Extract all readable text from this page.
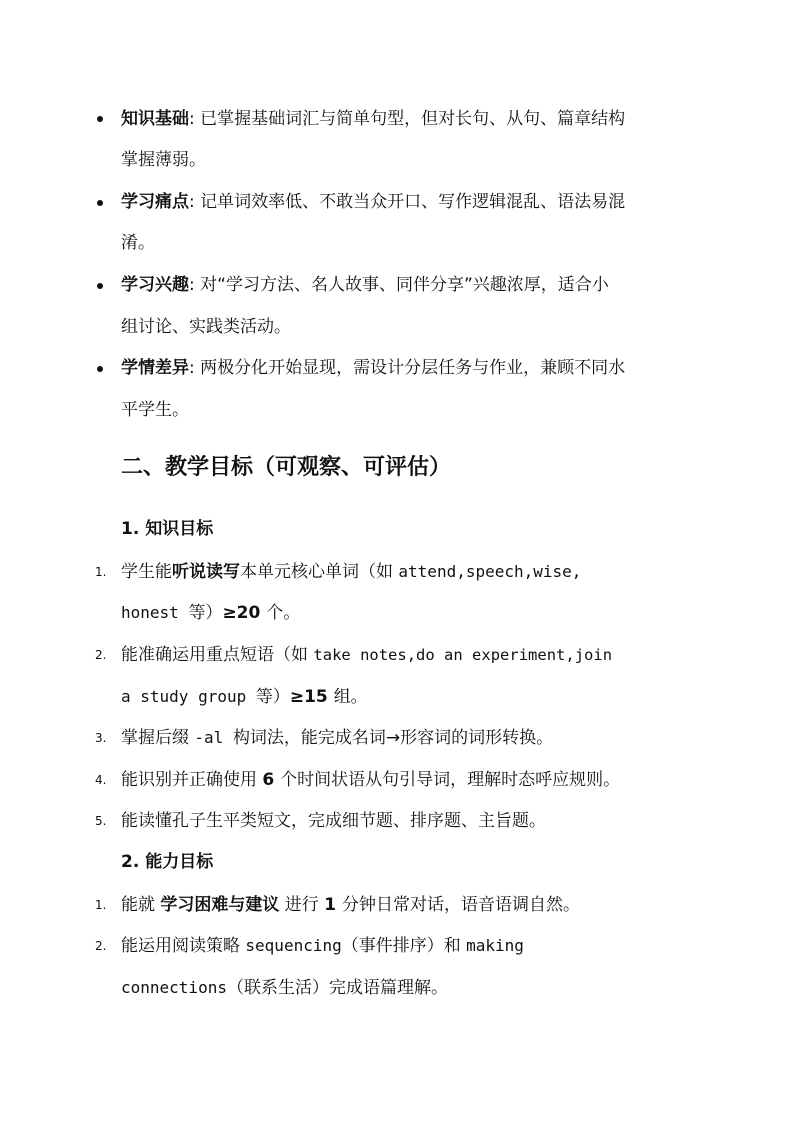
知识基础: 已掌握基础词汇与简单句型，但对长句、从句、篇章结构
掌握薄弱。
学习痛点: 记单词效率低、不敢当众开口、写作逻辑混乱、语法易混
淆。
学习兴趣: 对“学习方法、名人故事、同伴分享”兴趣浓厚，适合小
组讨论、实践类活动。
学情差异: 两极分化开始显现，需设计分层任务与作业，兼顾不同水
平学生。
二、教学目标（可观察、可评估）
1. 知识目标
1. 学生能听说读写本单元核心单词（如 attend,speech,wise,
honest 等）≥20 个。
2. 能准确运用重点短语（如 take notes,do an experiment,join
a study group 等）≥15 组。
3. 掌握后缀 -al 构词法，能完成名词→形容词的词形转换。
4. 能识别并正确使用 6 个时间状语从句引导词，理解时态呼应规则。
5. 能读懂孔子生平类短文，完成细节题、排序题、主旨题。
2. 能力目标
1. 能就 学习困难与建议 进行 1 分钟日常对话，语音语调自然。
2. 能运用阅读策略 sequencing（事件排序）和 making
connections（联系生活）完成语篇理解。
